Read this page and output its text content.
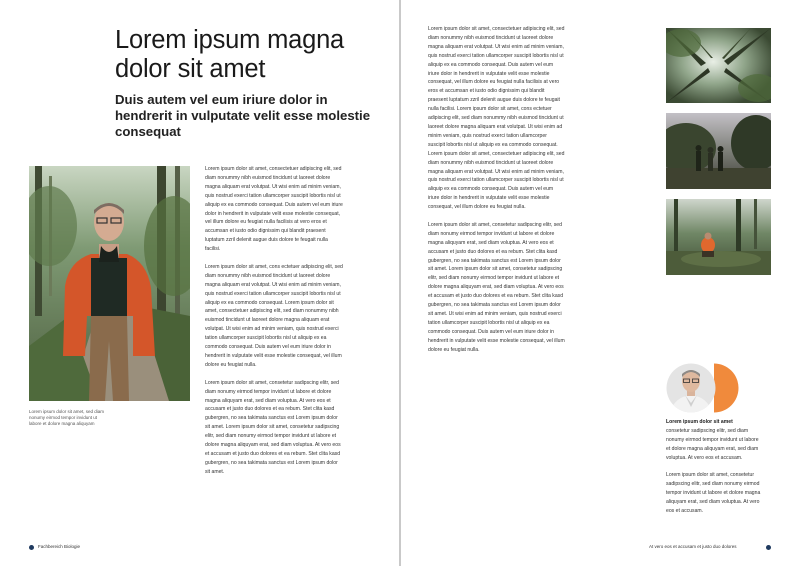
Lorem ipsum magna dolor sit amet
Duis autem vel eum iriure dolor in hendrerit in vulputate velit esse molestie consequat
Lorem ipsum dolor sit amet, sed diam nonumy eirmod tempor invidunt ut labore et dolore magna aliquyam

Lorem ipsum dolor sit amet, consectetuer adipiscing elit, sed diam nonummy nibh euismod tincidunt ut laoreet dolore magna aliquam erat volutpat. Ut wisi enim ad minim veniam, quis nostrud exerci tation ullamcorper suscipit lobortis nisl ut aliquip ex ea commodo consequat. Duis autem vel eum iriure dolor in hendrerit in vulputate velit esse molestie consequat, vel illum dolore eu feugiat nulla facilisis at vero eros et accumsan et iusto odio dignissim qui blandit praesent luptatum zzril delenit augue duis dolore te feugait nulla facilisi.

Lorem ipsum dolor sit amet, cons ectetuer adipiscing elit, sed diam nonummy nibh euismod tincidunt ut laoreet dolore magna aliquam erat volutpat. Ut wisi enim ad minim veniam, quis nostrud exerci tation ullamcorper suscipit lobortis nisl ut aliquip ex ea commodo consequat. Lorem ipsum dolor sit amet, consectetuer adipiscing elit, sed diam nonummy nibh euismod tincidunt ut laoreet dolore magna aliquam erat volutpat. Ut wisi enim ad minim veniam, quis nostrud exerci tation ullamcorper suscipit lobortis nisl ut aliquip ex ea commodo consequat. Duis autem vel eum iriure dolor in hendrerit in vulputate velit esse molestie consequat, vel illum dolore eu feugiat nulla.

Lorem ipsum dolor sit amet, consetetur sadipscing elitr, sed diam nonumy eirmod tempor invidunt ut labore et dolore magna aliquyam erat, sed diam voluptua. At vero eos et accusam et justo duo dolores et ea rebum. Stet clita kasd gubergren, no sea takimata sanctus est Lorem ipsum dolor sit amet. Lorem ipsum dolor sit amet, consetetur sadipscing elitr, sed diam nonumy eirmod tempor invidunt ut labore et dolore magna aliquyam erat, sed diam voluptua. At vero eos et accusam et justo duo dolores et ea rebum. Stet clita kasd gubergren, no sea takimata sanctus est Lorem ipsum dolor sit amet.

Fachbereich Biologie

Lorem ipsum dolor sit amet, consectetuer adipiscing elit, sed diam nonummy nibh euismod tincidunt ut laoreet dolore magna aliquam erat volutpat. Ut wisi enim ad minim veniam, quis nostrud exerci tation ullamcorper suscipit lobortis nisl ut aliquip ex ea commodo consequat. Duis autem vel eum iriure dolor in hendrerit in vulputate velit esse molestie consequat, vel illum dolore eu feugiat nulla facilisis at vero eros et accumsan et iusto odio dignissim qui blandit praesent luptatum zzril delenit augue duis dolore te feugait nulla facilisi. Lorem ipsum dolor sit amet, cons ectetuer adipiscing elit, sed diam nonummy nibh euismod tincidunt ut laoreet dolore magna aliquam erat volutpat. Ut wisi enim ad minim veniam, quis nostrud exerci tation ullamcorper suscipit lobortis nisl ut aliquip ex ea commodo consequat. Lorem ipsum dolor sit amet, consectetuer adipiscing elit, sed diam nonummy nibh euismod tincidunt ut laoreet dolore magna aliquam erat volutpat. Ut wisi enim ad minim veniam, quis nostrud exerci tation ullamcorper suscipit lobortis nisl ut aliquip ex ea commodo consequat. Duis autem vel eum iriure dolor in hendrerit in vulputate velit esse molestie consequat, vel illum dolore eu feugiat nulla.

Lorem ipsum dolor sit amet, consetetur sadipscing elitr, sed diam nonumy eirmod tempor invidunt ut labore et dolore magna aliquyam erat, sed diam voluptua. At vero eos et accusam et justo duo dolores et ea rebum. Stet clita kasd gubergren, no sea takimata sanctus est Lorem ipsum dolor sit amet. Lorem ipsum dolor sit amet, consetetur sadipscing elitr, sed diam nonumy eirmod tempor invidunt ut labore et dolore magna aliquyam erat, sed diam voluptua. At vero eos et accusam et justo duo dolores et ea rebum. Stet clita kasd gubergren, no sea takimata sanctus est Lorem ipsum dolor sit amet. Ut wisi enim ad minim veniam, quis nostrud exerci tation ullamcorper suscipit lobortis nisl ut aliquip ex ea commodo consequat. Duis autem vel eum iriure dolor in hendrerit in vulputate velit esse molestie consequat, vel illum dolore eu feugiat nulla.

Lorem ipsum dolor sit amet
consetetur sadipscing elitr, sed diam nonumy eirmod tempor invidunt ut labore et dolore magna aliquyam erat, sed diam voluptua. At vero eos et accusam.

Lorem ipsum dolor sit amet, consetetur sadipscing elitr, sed diam nonumy eirmod tempor invidunt ut labore et dolore magna aliquyam erat, sed diam voluptua. At vero eos et accusam.

At vero eos et accusam et justo duo dolores
